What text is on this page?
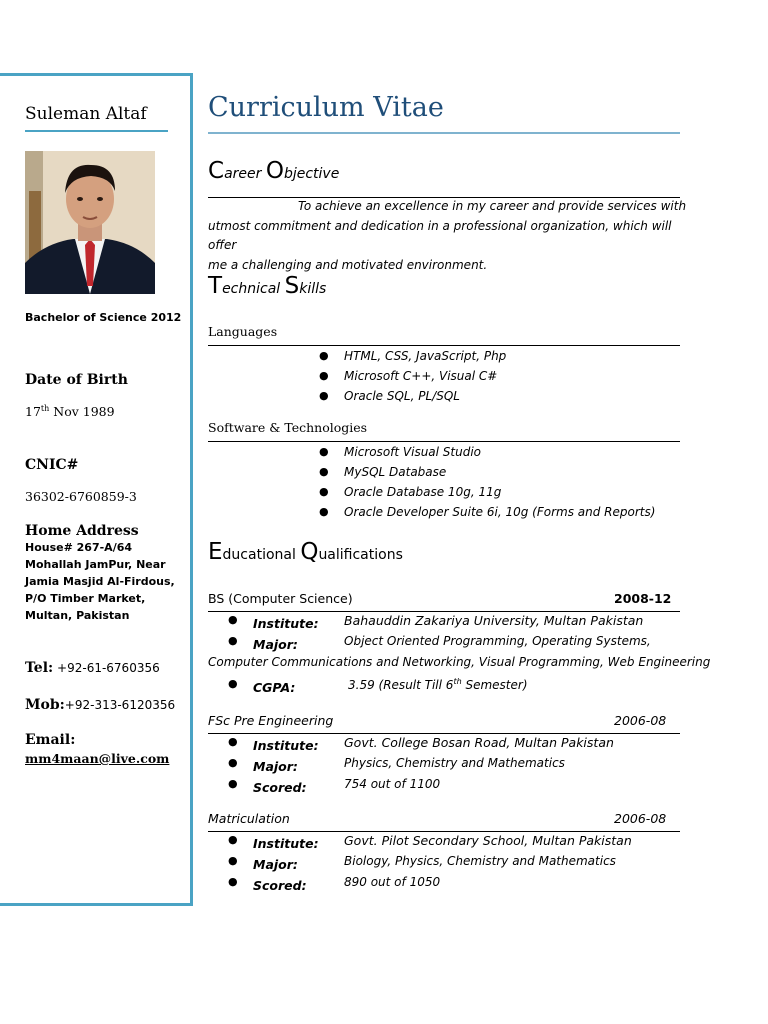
Suleman Altaf
Bachelor of Science 2012
Date of Birth
17th Nov 1989
CNIC#
36302-6760859-3
Home Address
House# 267-A/64
Mohallah JamPur, Near
Jamia Masjid Al-Firdous,
P/O Timber Market,
Multan, Pakistan
Tel: +92-61-6760356
Mob:+92-313-6120356
Email:
mm4maan@live.com
Curriculum Vitae
Career Objective
To achieve an excellence in my career and provide services with
utmost commitment and dedication in a professional organization, which will offer
me a challenging and motivated environment.
Technical Skills
Languages
● HTML, CSS, JavaScript, Php
● Microsoft C++, Visual C#
● Oracle SQL, PL/SQL
Software & Technologies
● Microsoft Visual Studio
● MySQL Database
● Oracle Database 10g, 11g
● Oracle Developer Suite 6i, 10g (Forms and Reports)
Educational Qualifications
BS (Computer Science)	2008-12
● Institute: Bahauddin Zakariya University, Multan Pakistan
● Major:	Object Oriented Programming, Operating Systems,
Computer Communications and Networking, Visual Programming, Web Engineering
● CGPA:	3.59 (Result Till 6th Semester)
FSc Pre Engineering	2006-08
● Institute: Govt. College Bosan Road, Multan Pakistan
● Major:	Physics, Chemistry and Mathematics
● Scored:	754 out of 1100
Matriculation	2006-08
● Institute: Govt. Pilot Secondary School, Multan Pakistan
● Major:	Biology, Physics, Chemistry and Mathematics
● Scored:	890 out of 1050
